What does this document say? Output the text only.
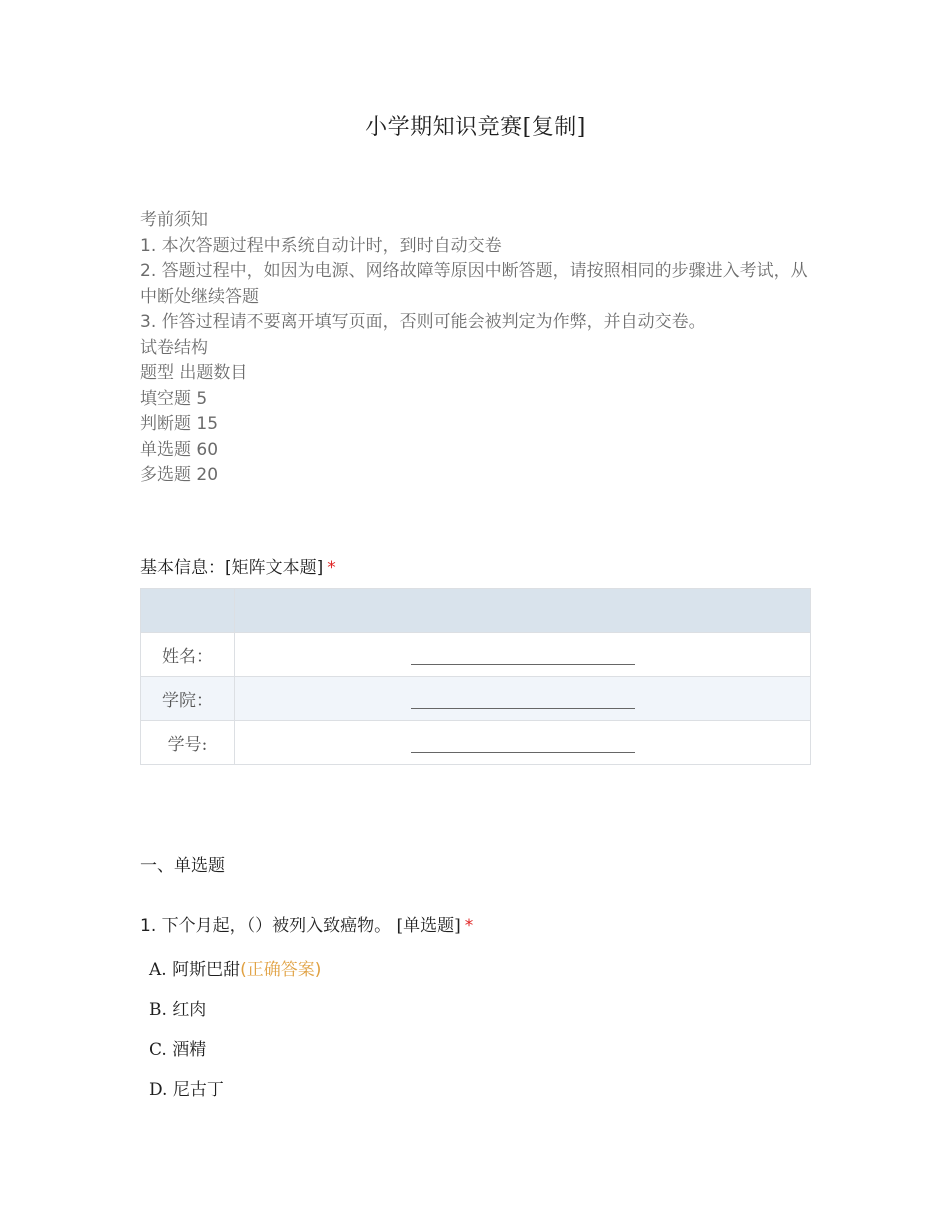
小学期知识竞赛[复制]
考前须知
1. 本次答题过程中系统自动计时，到时自动交卷
2. 答题过程中，如因为电源、网络故障等原因中断答题，请按照相同的步骤进入考试，从中断处继续答题
3. 作答过程请不要离开填写页面，否则可能会被判定为作弊，并自动交卷。
试卷结构
题型 出题数目
填空题 5
判断题 15
单选题 60
多选题 20
基本信息：[矩阵文本题] *

姓名：	
学院：	
学号:	
一、单选题
1. 下个月起，（）被列入致癌物。 [单选题] *
A. 阿斯巴甜(正确答案)
B. 红肉
C. 酒精
D. 尼古丁
